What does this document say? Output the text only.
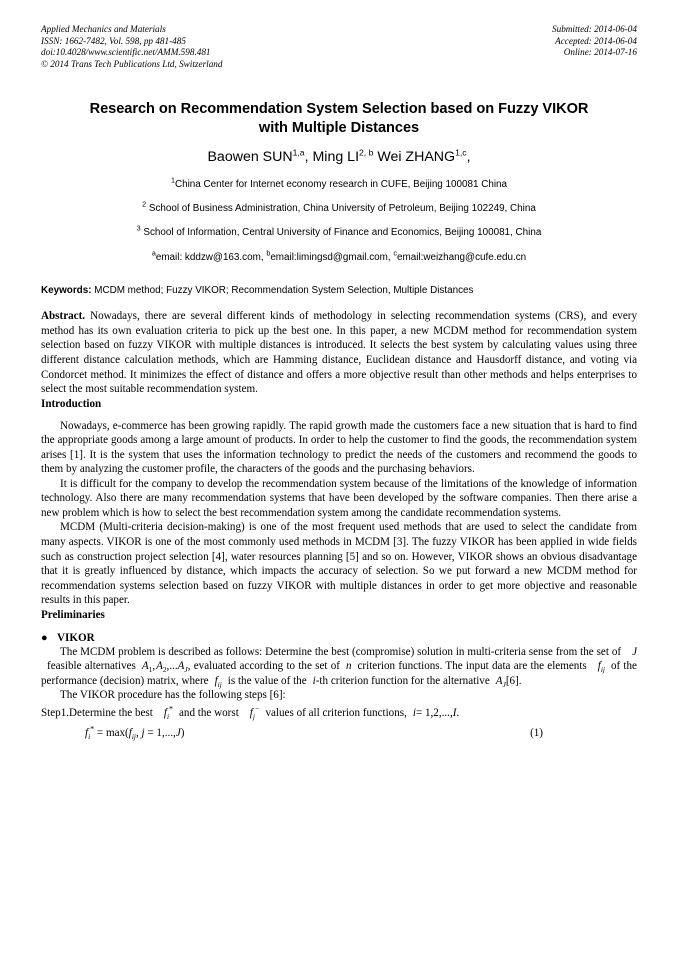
Applied Mechanics and Materials
ISSN: 1662-7482, Vol. 598, pp 481-485
doi:10.4028/www.scientific.net/AMM.598.481
© 2014 Trans Tech Publications Ltd, Switzerland
Submitted: 2014-06-04
Accepted: 2014-06-04
Online: 2014-07-16
Research on Recommendation System Selection based on Fuzzy VIKOR
with Multiple Distances
Baowen SUN$^{1,a}$, Ming LI$^{2, b}$ Wei ZHANG$^{1,c}$,
$^1$China Center for Internet economy research in CUFE, Beijing 100081 China
$^2$ School of Business Administration, China University of Petroleum, Beijing 102249, China
$^3$ School of Information, Central University of Finance and Economics, Beijing 100081, China
$^a$email: kddzw@163.com, $^b$email:limingsd@gmail.com, $^c$email:weizhang@cufe.edu.cn
Keywords: MCDM method; Fuzzy VIKOR; Recommendation System Selection, Multiple Distances
Abstract. Nowadays, there are several different kinds of methodology in selecting recommendation systems (CRS), and every method has its own evaluation criteria to pick up the best one. In this paper, a new MCDM method for recommendation system selection based on fuzzy VIKOR with multiple distances is introduced. It selects the best system by calculating values using three different distance calculation methods, which are Hamming distance, Euclidean distance and Hausdorff distance, and voting via Condorcet method. It minimizes the effect of distance and offers a more objective result than other methods and helps enterprises to select the most suitable recommendation system.
Introduction

Nowadays, e-commerce has been growing rapidly. The rapid growth made the customers face a new situation that is hard to find the appropriate goods among a large amount of products. In order to help the customer to find the goods, the recommendation system arises [1]. It is the system that uses the information technology to predict the needs of the customers and recommend the goods to them by analyzing the customer profile, the characters of the goods and the purchasing behaviors.

It is difficult for the company to develop the recommendation system because of the limitations of the knowledge of information technology. Also there are many recommendation systems that have been developed by the software companies. Then there arise a new problem which is how to select the best recommendation system among the candidate recommendation systems.

MCDM (Multi-criteria decision-making) is one of the most frequent used methods that are used to select the candidate from many aspects. VIKOR is one of the most commonly used methods in MCDM [3]. The fuzzy VIKOR has been applied in wide fields such as construction project selection [4], water resources planning [5] and so on. However, VIKOR shows an obvious disadvantage that it is greatly influenced by distance, which impacts the accuracy of selection. So we put forward a new MCDM method for recommendation systems selection based on fuzzy VIKOR with multiple distances in order to get more objective and reasonable results in this paper.

Preliminaries
● VIKOR

The MCDM problem is described as follows: Determine the best (compromise) solution in multi-criteria sense from the set of Jfeasible alternatives $A_1$, $A_2,...A_J$, evaluated according to the set of n criterion functions. The input data are the elements $f_{ij}$ of the performance (decision) matrix, where $f_{ij}$ is the value of the i-th criterion function for the alternative $A_J[6]$.

The VIKOR procedure has the following steps [6]:

Step1.Determine the best $f_i^*$ and the worst $f_j^-$ values of all criterion functions, i= 1,2,...,I.

$f_i^* = \max(f_{ij}$, j = 1,...,J)	(1)
